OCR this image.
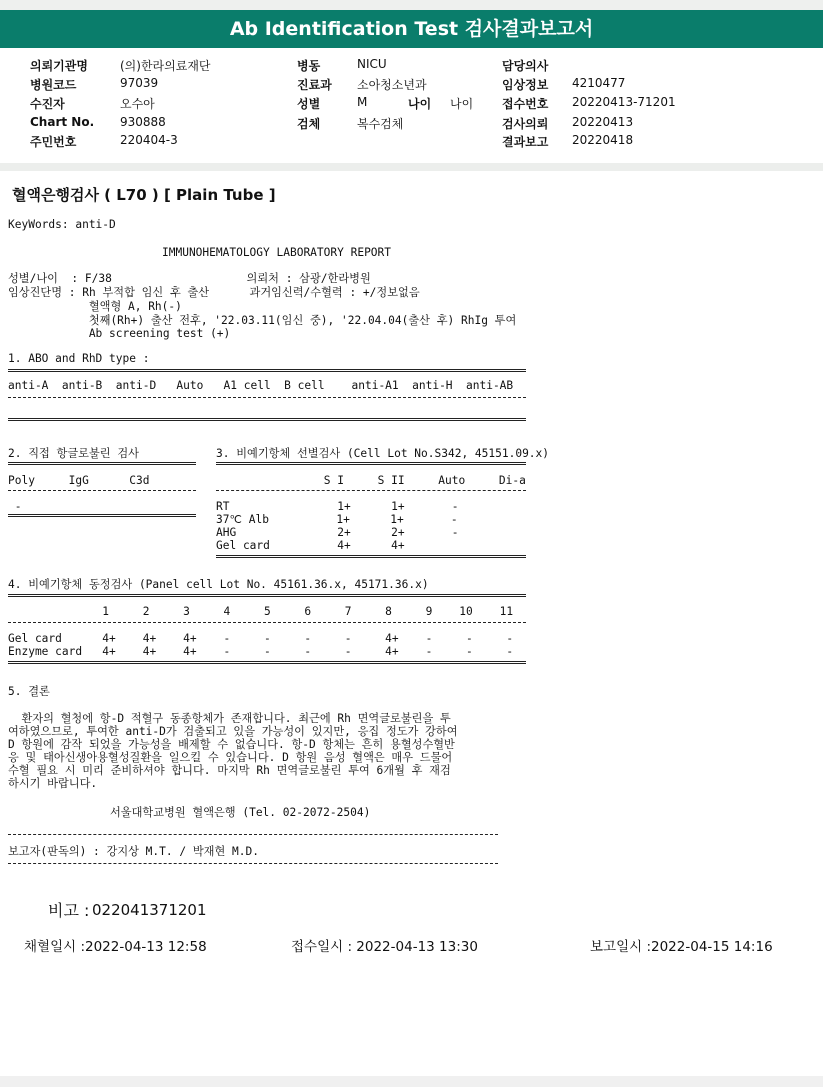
Ab Identification Test 검사결과보고서
의뢰기관명	(의)한라의료재단	병동	NICU	담당의사
병원코드	97039	진료과 소아청소년과	임상정보 4210477
수진자	오수아	성별	M	나이 나이 접수번호 20220413-71201
Chart No. 930888	검체	복수검체	검사의뢰 20220413
주민번호	220404-3	결과보고 20220418
혈액은행검사 ( L70 ) [ Plain Tube ]
KeyWords: anti-D
IMMUNOHEMATOLOGY LABORATORY REPORT
성별/나이  : F/38                    의뢰처 : 삼광/한라병원
임상진단명 : Rh 부적합 임신 후 출산      과거임신력/수혈력 : +/정보없음
혈액형 A, Rh(-)
첫째(Rh+) 출산 전후, '22.03.11(임신 중), '22.04.04(출산 후) RhIg 투여
Ab screening test (+)
1. ABO and RhD type :
anti-A  anti-B  anti-D   Auto   A1 cell  B cell    anti-A1  anti-H  anti-AB
2. 직접 항글로불린 검사	3. 비예기항체 선별검사 (Cell Lot No.S342, 45151.09.x)
Poly     IgG      C3d	S I     S II     Auto     Di-a
-	RT                1+      1+       -
37℃ Alb          1+      1+       -
AHG               2+      2+       -
Gel card          4+      4+
4. 비예기항체 동정검사 (Panel cell Lot No. 45161.36.x, 45171.36.x)
1     2     3     4     5     6     7     8     9    10    11
Gel card      4+    4+    4+    -     -     -     -     4+    -     -     -
Enzyme card   4+    4+    4+    -     -     -     -     4+    -     -     -
5. 결론
환자의 혈청에 항-D 적혈구 동종항체가 존재합니다. 최근에 Rh 면역글로불린을 투
여하였으므로, 투여한 anti-D가 검출되고 있을 가능성이 있지만, 응집 정도가 강하여
D 항원에 감작 되었을 가능성을 배제할 수 없습니다. 항-D 항체는 흔히 용혈성수혈반
응 및 태아신생아용혈성질환을 일으킬 수 있습니다. D 항원 음성 혈액은 매우 드물어
수혈 필요 시 미리 준비하셔야 합니다. 마지막 Rh 면역글로불린 투여 6개월 후 재검
하시기 바랍니다.
서울대학교병원 혈액은행 (Tel. 02-2072-2504)
보고자(판독의) : 강지상 M.T. / 박재현 M.D.
비고 : 022041371201
채혈일시 :2022-04-13 12:58	접수일시 : 2022-04-13 13:30	보고일시 :2022-04-15 14:16
